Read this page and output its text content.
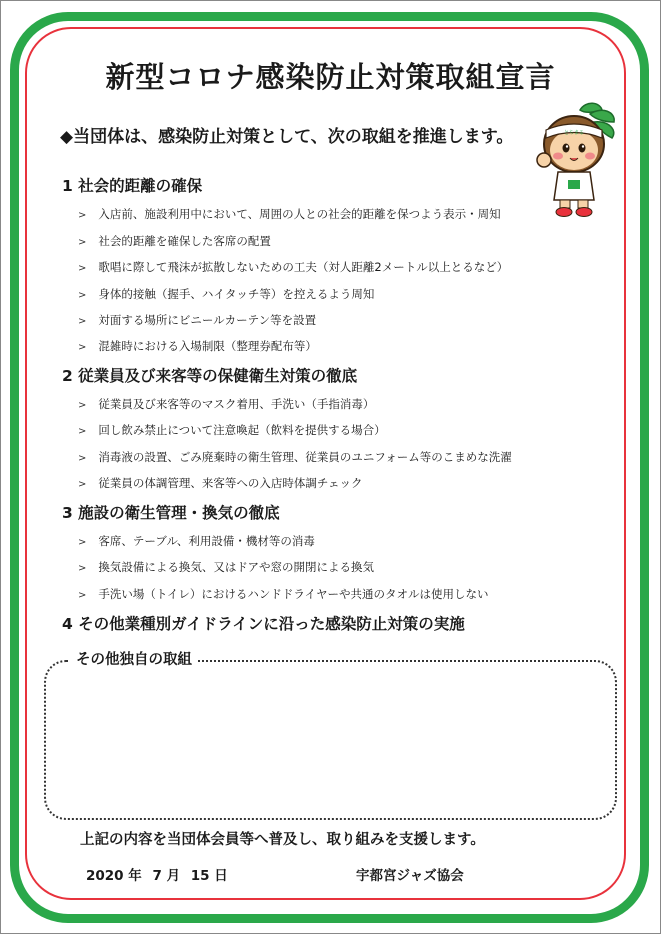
新型コロナ感染防止対策取組宣言
◆当団体は、感染防止対策として、次の取組を推進します。	とちまる
1 社会的距離の確保
> 入店前、施設利用中において、周囲の人との社会的距離を保つよう表示・周知
> 社会的距離を確保した客席の配置
> 歌唱に際して飛沫が拡散しないための工夫（対人距離2メートル以上とるなど）
> 身体的接触（握手、ハイタッチ等）を控えるよう周知
> 対面する場所にビニールカーテン等を設置
> 混雑時における入場制限（整理券配布等）
2 従業員及び来客等の保健衛生対策の徹底
> 従業員及び来客等のマスク着用、手洗い（手指消毒）
> 回し飲み禁止について注意喚起（飲料を提供する場合）
> 消毒液の設置、ごみ廃棄時の衛生管理、従業員のユニフォーム等のこまめな洗濯
> 従業員の体調管理、来客等への入店時体調チェック
3 施設の衛生管理・換気の徹底
> 客席、テーブル、利用設備・機材等の消毒
> 換気設備による換気、又はドアや窓の開閉による換気
> 手洗い場（トイレ）におけるハンドドライヤーや共通のタオルは使用しない
4 その他業種別ガイドラインに沿った感染防止対策の実施
その他独自の取組
上記の内容を当団体会員等へ普及し、取り組みを支援します。
2020 年 7 月 15 日	宇都宮ジャズ協会
